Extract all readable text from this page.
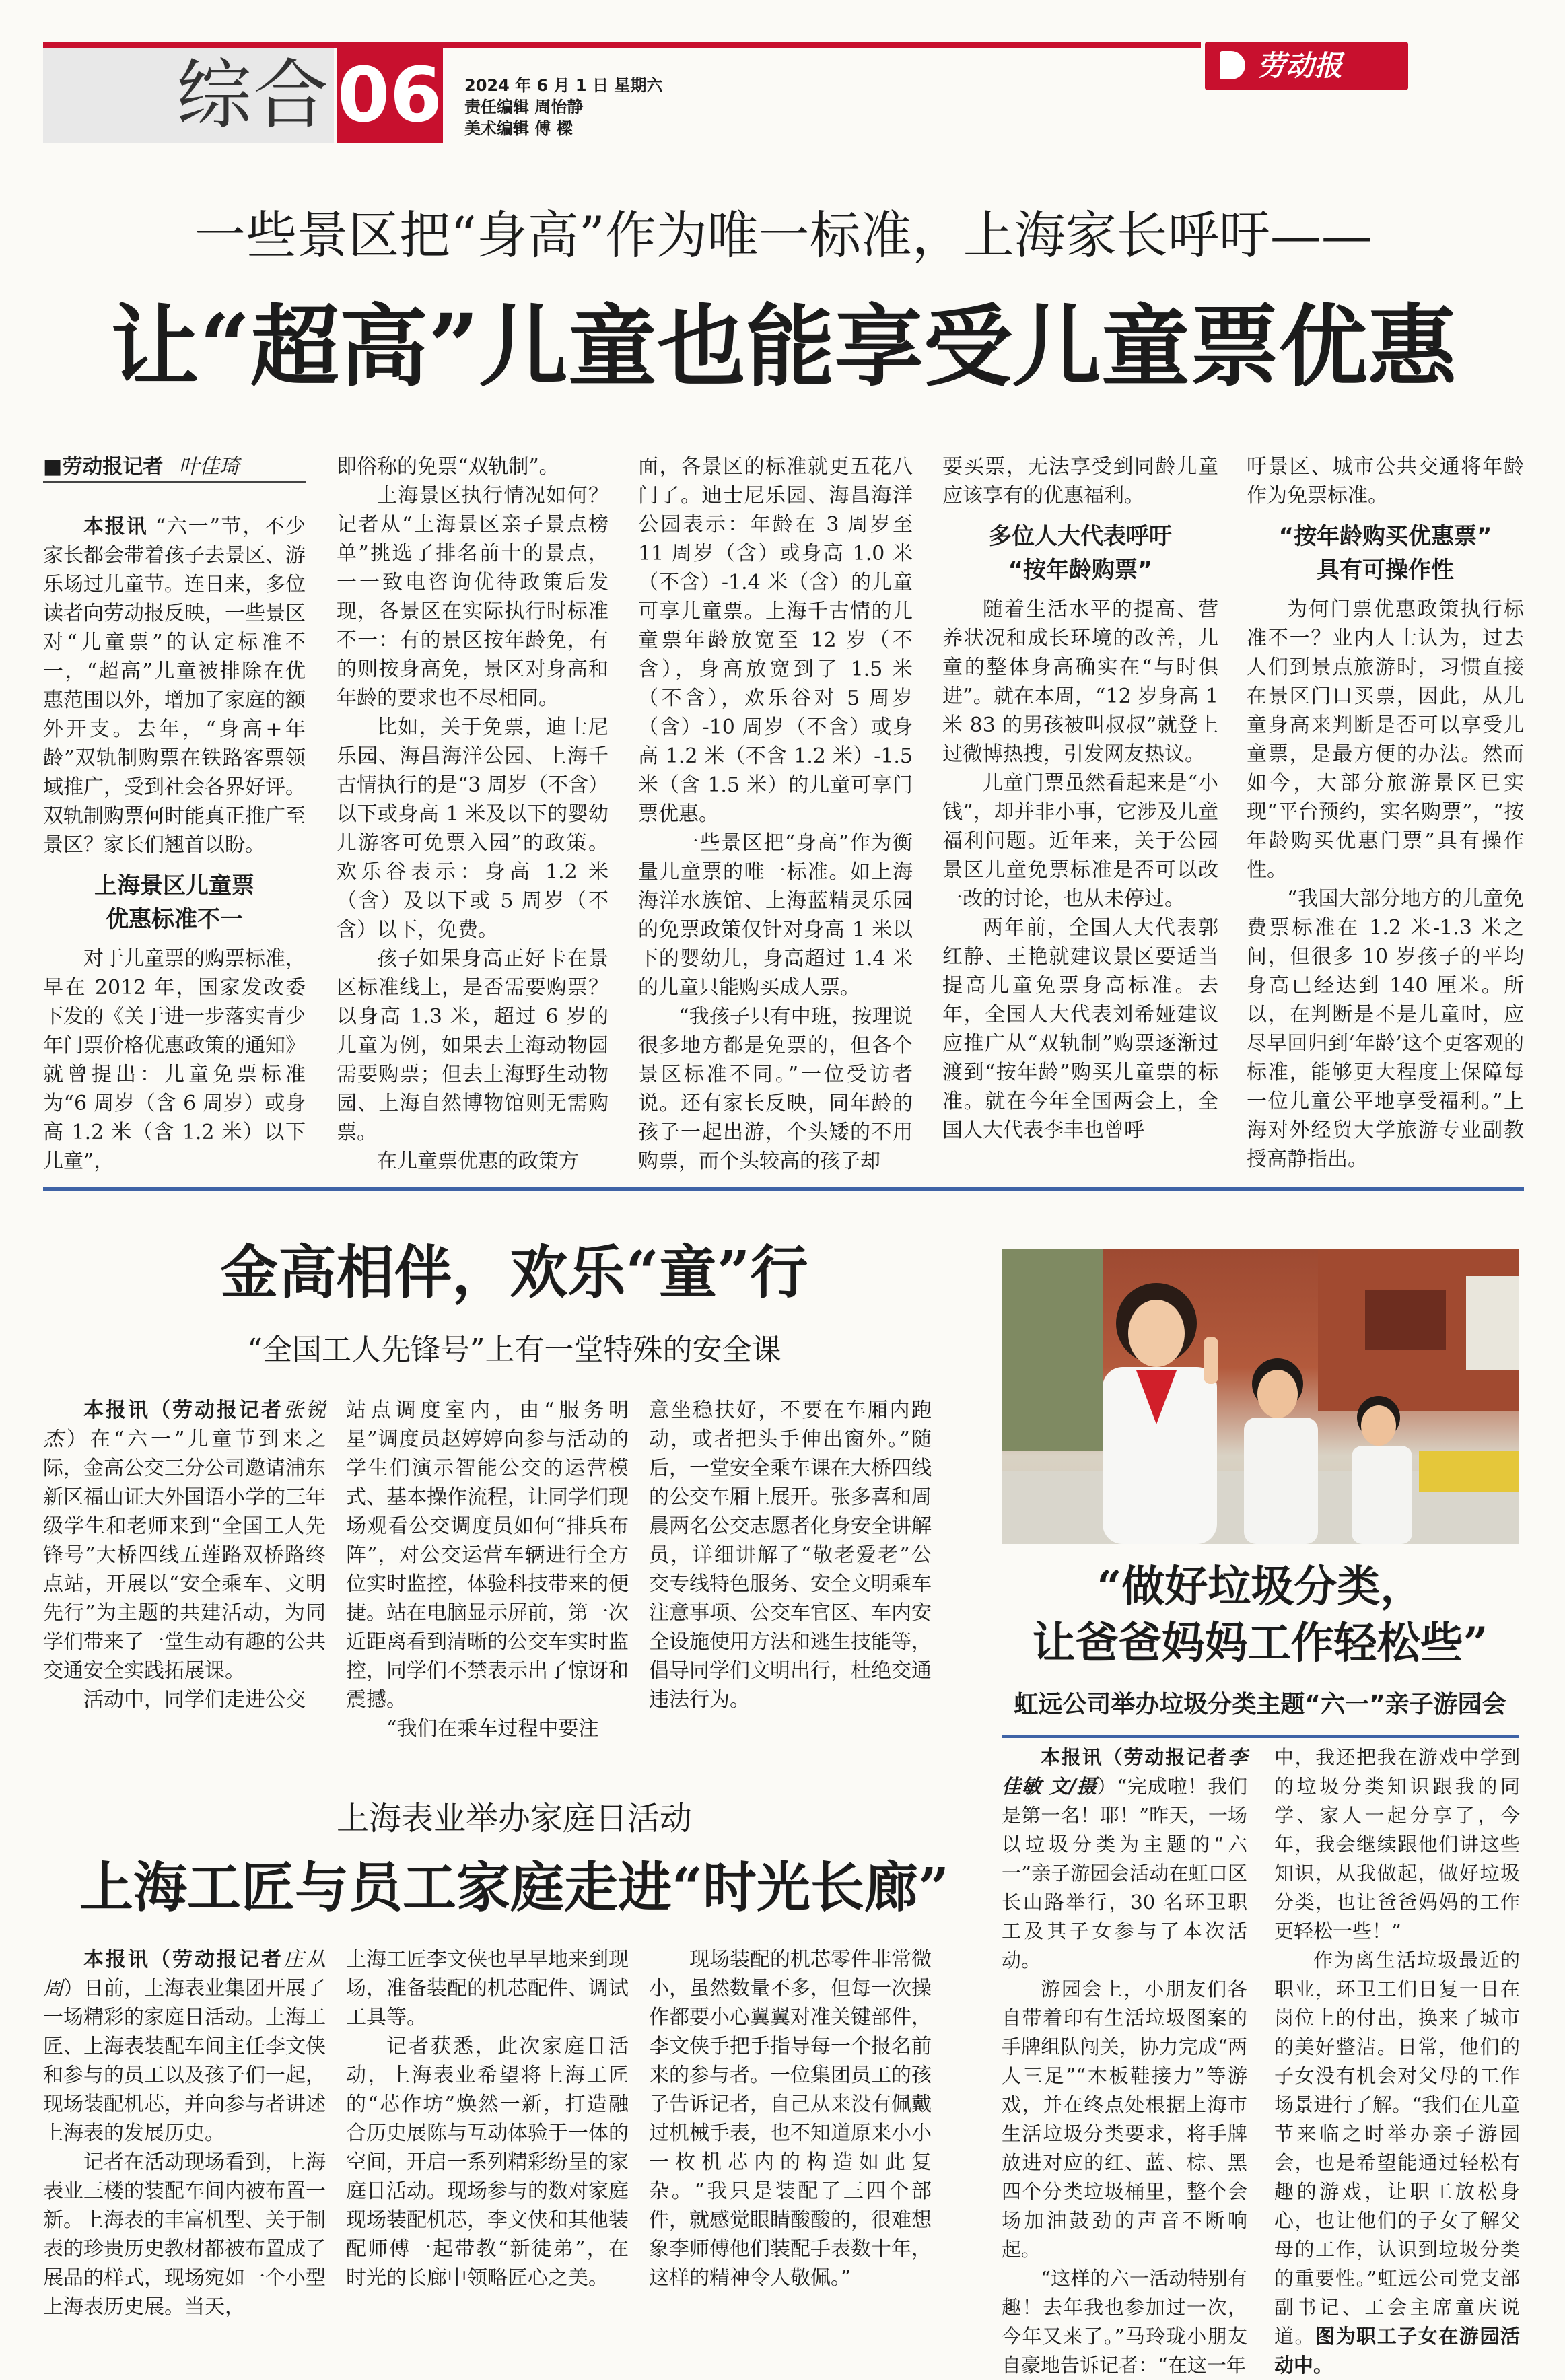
综合 06 2024 年 6 月 1 日 星期六
责任编辑 周怡静
美术编辑 傅 樑
劳动报
一些景区把“身高”作为唯一标准，上海家长呼吁——
让“超高”儿童也能享受儿童票优惠

■劳动报记者 叶佳琦

本报讯 “六一”节，不少家长都会带着孩子去景区、游乐场过儿童节。连日来，多位读者向劳动报反映，一些景区对“儿童票”的认定标准不一，“超高”儿童被排除在优惠范围以外，增加了家庭的额外开支。去年，“身高+年龄”双轨制购票在铁路客票领域推广，受到社会各界好评。双轨制购票何时能真正推广至景区？家长们翘首以盼。

上海景区儿童票
优惠标准不一

对于儿童票的购票标准，早在 2012 年，国家发改委下发的《关于进一步落实青少年门票价格优惠政策的通知》就曾提出：儿童免票标准为“6 周岁（含 6 周岁）或身高 1.2 米（含 1.2 米）以下儿童”，

即俗称的免票“双轨制”。

上海景区执行情况如何？记者从“上海景区亲子景点榜单”挑选了排名前十的景点，一一致电咨询优待政策后发现，各景区在实际执行时标准不一：有的景区按年龄免，有的则按身高免，景区对身高和年龄的要求也不尽相同。

比如，关于免票，迪士尼乐园、海昌海洋公园、上海千古情执行的是“3 周岁（不含）以下或身高 1 米及以下的婴幼儿游客可免票入园”的政策。欢乐谷表示：身高 1.2 米（含）及以下或 5 周岁（不含）以下，免费。

孩子如果身高正好卡在景区标准线上，是否需要购票？以身高 1.3 米，超过 6 岁的儿童为例，如果去上海动物园需要购票；但去上海野生动物园、上海自然博物馆则无需购票。

在儿童票优惠的政策方

面，各景区的标准就更五花八门了。迪士尼乐园、海昌海洋公园表示：年龄在 3 周岁至 11 周岁（含）或身高 1.0 米（不含）-1.4 米（含）的儿童可享儿童票。上海千古情的儿童票年龄放宽至 12 岁（不含），身高放宽到了 1.5 米（不含），欢乐谷对 5 周岁（含）-10 周岁（不含）或身高 1.2 米（不含 1.2 米）-1.5 米（含 1.5 米）的儿童可享门票优惠。

一些景区把“身高”作为衡量儿童票的唯一标准。如上海海洋水族馆、上海蓝精灵乐园的免票政策仅针对身高 1 米以下的婴幼儿，身高超过 1.4 米的儿童只能购买成人票。

“我孩子只有中班，按理说很多地方都是免票的，但各个景区标准不同。”一位受访者说。还有家长反映，同年龄的孩子一起出游，个头矮的不用购票，而个头较高的孩子却

要买票，无法享受到同龄儿童应该享有的优惠福利。

多位人大代表呼吁
“按年龄购票”

随着生活水平的提高、营养状况和成长环境的改善，儿童的整体身高确实在“与时俱进”。就在本周，“12 岁身高 1 米 83 的男孩被叫叔叔”就登上过微博热搜，引发网友热议。

儿童门票虽然看起来是“小钱”，却并非小事，它涉及儿童福利问题。近年来，关于公园景区儿童免票标准是否可以改一改的讨论，也从未停过。

两年前，全国人大代表郭红静、王艳就建议景区要适当提高儿童免票身高标准。去年，全国人大代表刘希娅建议应推广从“双轨制”购票逐渐过渡到“按年龄”购买儿童票的标准。就在今年全国两会上，全国人大代表李丰也曾呼

吁景区、城市公共交通将年龄作为免票标准。

“按年龄购买优惠票”
具有可操作性

为何门票优惠政策执行标准不一？业内人士认为，过去人们到景点旅游时，习惯直接在景区门口买票，因此，从儿童身高来判断是否可以享受儿童票，是最方便的办法。然而如今，大部分旅游景区已实现“平台预约，实名购票”，“按年龄购买优惠门票”具有操作性。

“我国大部分地方的儿童免费票标准在 1.2 米-1.3 米之间，但很多 10 岁孩子的平均身高已经达到 140 厘米。所以，在判断是不是儿童时，应尽早回归到‘年龄’这个更客观的标准，能够更大程度上保障每一位儿童公平地享受福利。”上海对外经贸大学旅游专业副教授高静指出。

金高相伴，欢乐“童”行
“全国工人先锋号”上有一堂特殊的安全课

本报讯（劳动报记者张锐杰）在“六一”儿童节到来之际，金高公交三分公司邀请浦东新区福山证大外国语小学的三年级学生和老师来到“全国工人先锋号”大桥四线五莲路双桥路终点站，开展以“安全乘车、文明先行”为主题的共建活动，为同学们带来了一堂生动有趣的公共交通安全实践拓展课。

活动中，同学们走进公交

站点调度室内，由“服务明星”调度员赵婷婷向参与活动的学生们演示智能公交的运营模式、基本操作流程，让同学们现场观看公交调度员如何“排兵布阵”，对公交运营车辆进行全方位实时监控，体验科技带来的便捷。站在电脑显示屏前，第一次近距离看到清晰的公交车实时监控，同学们不禁表示出了惊讶和震撼。

“我们在乘车过程中要注

意坐稳扶好，不要在车厢内跑动，或者把头手伸出窗外。”随后，一堂安全乘车课在大桥四线的公交车厢上展开。张多喜和周晨两名公交志愿者化身安全讲解员，详细讲解了“敬老爱老”公交专线特色服务、安全文明乘车注意事项、公交车官区、车内安全设施使用方法和逃生技能等，倡导同学们文明出行，杜绝交通违法行为。

上海表业举办家庭日活动
上海工匠与员工家庭走进“时光长廊”

本报讯（劳动报记者庄从周）日前，上海表业集团开展了一场精彩的家庭日活动。上海工匠、上海表装配车间主任李文侠和参与的员工以及孩子们一起，现场装配机芯，并向参与者讲述上海表的发展历史。

记者在活动现场看到，上海表业三楼的装配车间内被布置一新。上海表的丰富机型、关于制表的珍贵历史教材都被布置成了展品的样式，现场宛如一个小型上海表历史展。当天，

上海工匠李文侠也早早地来到现场，准备装配的机芯配件、调试工具等。

记者获悉，此次家庭日活动，上海表业希望将上海工匠的“芯作坊”焕然一新，打造融合历史展陈与互动体验于一体的空间，开启一系列精彩纷呈的家庭日活动。现场参与的数对家庭现场装配机芯，李文侠和其他装配师傅一起带教“新徒弟”，在时光的长廊中领略匠心之美。

现场装配的机芯零件非常微小，虽然数量不多，但每一次操作都要小心翼翼对准关键部件，李文侠手把手指导每一个报名前来的参与者。一位集团员工的孩子告诉记者，自己从来没有佩戴过机械手表，也不知道原来小小一枚机芯内的构造如此复杂。“我只是装配了三四个部件，就感觉眼睛酸酸的，很难想象李师傅他们装配手表数十年，这样的精神令人敬佩。”

“做好垃圾分类，
让爸爸妈妈工作轻松些”
虹远公司举办垃圾分类主题“六一”亲子游园会

本报讯（劳动报记者李佳敏 文/摄）“完成啦！我们是第一名！耶！”昨天，一场以垃圾分类为主题的“六一”亲子游园会活动在虹口区长山路举行，30 名环卫职工及其子女参与了本次活动。

游园会上，小朋友们各自带着印有生活垃圾图案的手牌组队闯关，协力完成“两人三足”“木板鞋接力”等游戏，并在终点处根据上海市生活垃圾分类要求，将手牌放进对应的红、蓝、棕、黑四个分类垃圾桶里，整个会场加油鼓劲的声音不断响起。

“这样的六一活动特别有趣！去年我也参加过一次，今年又来了。”马玲珑小朋友自豪地告诉记者：“在这一年

中，我还把我在游戏中学到的垃圾分类知识跟我的同学、家人一起分享了，今年，我会继续跟他们讲这些知识，从我做起，做好垃圾分类，也让爸爸妈妈的工作更轻松一些！”

作为离生活垃圾最近的职业，环卫工们日复一日在岗位上的付出，换来了城市的美好整洁。日常，他们的子女没有机会对父母的工作场景进行了解。“我们在儿童节来临之时举办亲子游园会，也是希望能通过轻松有趣的游戏，让职工放松身心，也让他们的子女了解父母的工作，认识到垃圾分类的重要性。”虹远公司党支部副书记、工会主席童庆说道。图为职工子女在游园活动中。
